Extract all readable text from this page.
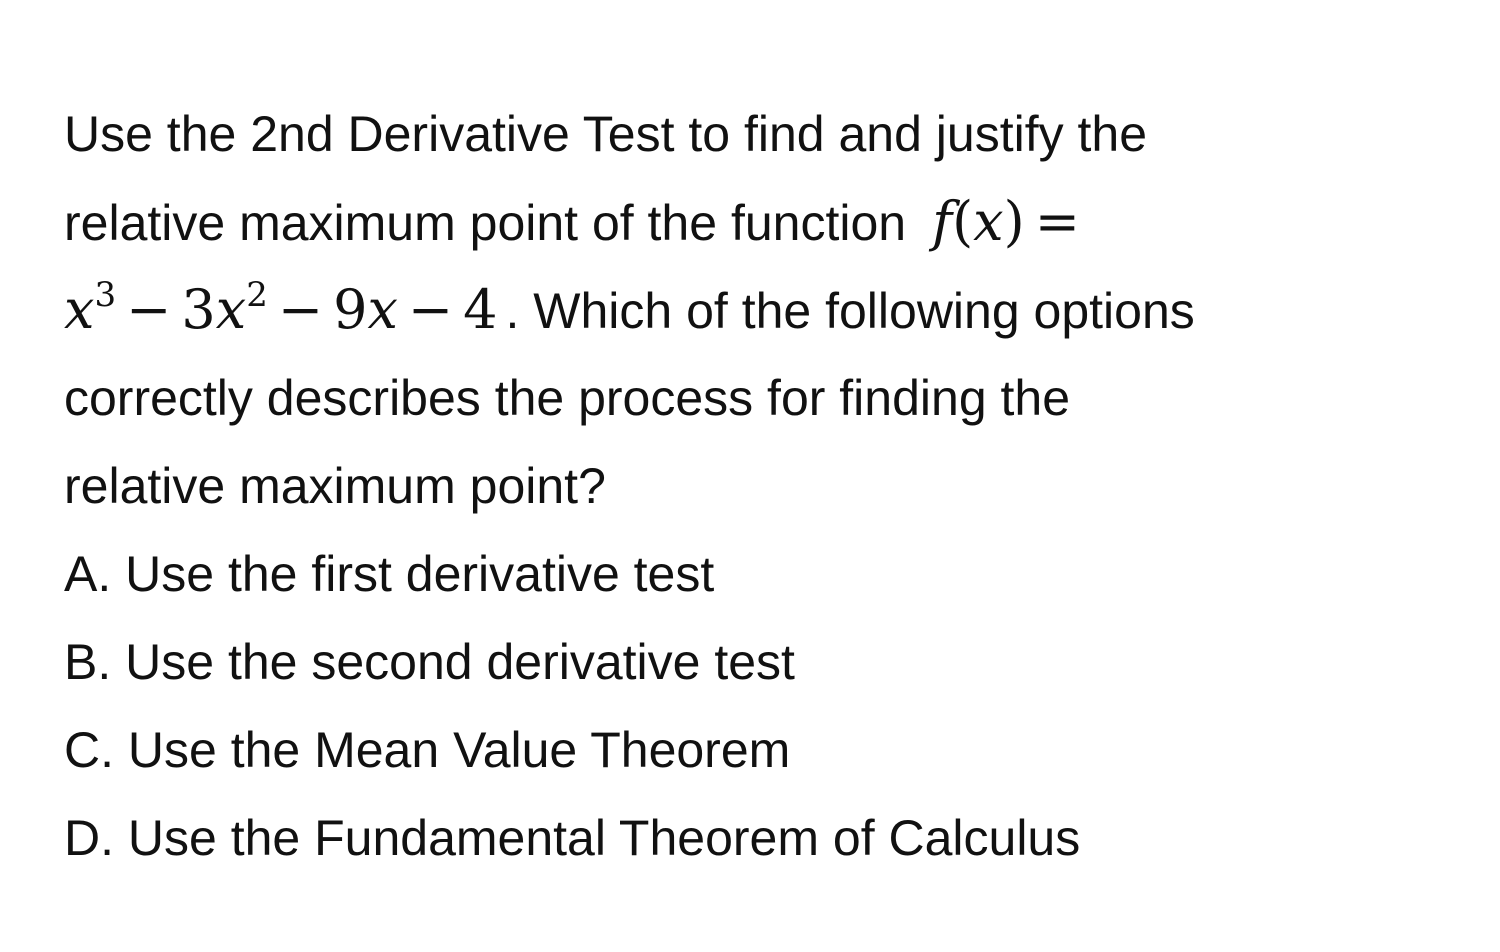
Use the 2nd Derivative Test to find and justify the
relative maximum point of the function f(x) =
$x^3 - 3x^2 - 9x - 4$ . Which of the following options
correctly describes the process for finding the
relative maximum point?
A. Use the first derivative test
B. Use the second derivative test
C. Use the Mean Value Theorem
D. Use the Fundamental Theorem of Calculus
